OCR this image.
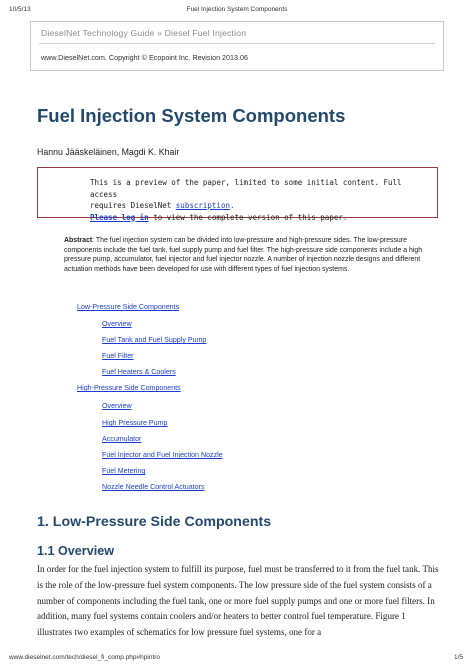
10/5/13	Fuel Injection System Components
DieselNet Technology Guide » Diesel Fuel Injection
www.DieselNet.com. Copyright © Ecopoint Inc. Revision 2013.06
Fuel Injection System Components
Hannu Jääskeläinen, Magdi K. Khair
This is a preview of the paper, limited to some initial content. Full access
requires DieselNet subscription.
Please log in to view the complete version of this paper.
Abstract: The fuel injection system can be divided into low-pressure and high-pressure sides. The low-pressure components include the fuel tank, fuel supply pump and fuel filter. The high-pressure side components include a high pressure pump, accumulator, fuel injector and fuel injector nozzle. A number of injection nozzle designs and different actuation methods have been developed for use with different types of fuel injection systems.
Low-Pressure Side Components
Overview
Fuel Tank and Fuel Supply Pump
Fuel Filter
Fuel Heaters & Coolers
High-Pressure Side Components
Overview
High Pressure Pump
Accumulator
Fuel Injector and Fuel Injection Nozzle
Fuel Metering
Nozzle Needle Control Actuators
1. Low-Pressure Side Components
1.1 Overview
In order for the fuel injection system to fulfill its purpose, fuel must be transferred to it from the fuel tank. This is the role of the low-pressure fuel system components. The low pressure side of the fuel system consists of a number of components including the fuel tank, one or more fuel supply pumps and one or more fuel filters. In addition, many fuel systems contain coolers and/or heaters to better control fuel temperature. Figure 1 illustrates two examples of schematics for low pressure fuel systems, one for a
www.dieselnet.com/tech/diesel_fi_comp.php#hpintro	1/5
